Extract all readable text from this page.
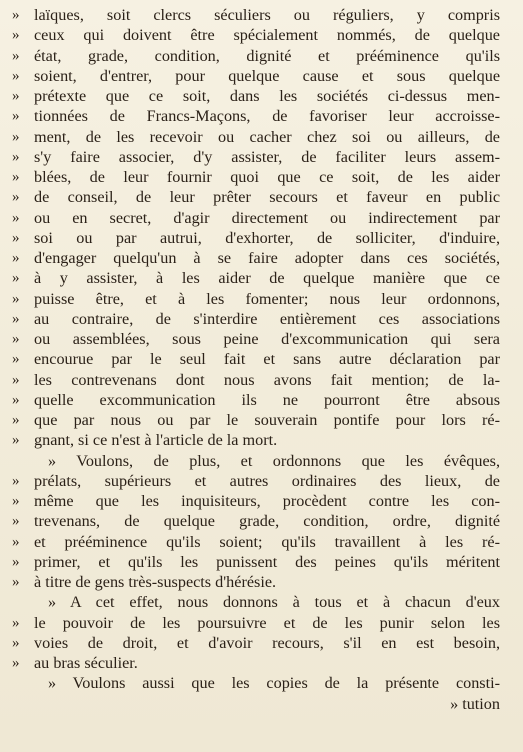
» laïques, soit clercs séculiers ou réguliers, y compris
» ceux qui doivent être spécialement nommés, de quelque
» état, grade, condition, dignité et prééminence qu'ils
» soient, d'entrer, pour quelque cause et sous quelque
» prétexte que ce soit, dans les sociétés ci-dessus men-
» tionnées de Francs-Maçons, de favoriser leur accroisse-
» ment, de les recevoir ou cacher chez soi ou ailleurs, de
» s'y faire associer, d'y assister, de faciliter leurs assem-
» blées, de leur fournir quoi que ce soit, de les aider
» de conseil, de leur prêter secours et faveur en public
» ou en secret, d'agir directement ou indirectement par
» soi ou par autrui, d'exhorter, de solliciter, d'induire,
» d'engager quelqu'un à se faire adopter dans ces sociétés,
» à y assister, à les aider de quelque manière que ce
» puisse être, et à les fomenter; nous leur ordonnons,
» au contraire, de s'interdire entièrement ces associations
» ou assemblées, sous peine d'excommunication qui sera
» encourue par le seul fait et sans autre déclaration par
» les contrevenans dont nous avons fait mention; de la-
» quelle excommunication ils ne pourront être absous
» que par nous ou par le souverain pontife pour lors ré-
» gnant, si ce n'est à l'article de la mort.
» Voulons, de plus, et ordonnons que les évêques,
» prélats, supérieurs et autres ordinaires des lieux, de
» même que les inquisiteurs, procèdent contre les con-
» trevenans, de quelque grade, condition, ordre, dignité
» et prééminence qu'ils soient; qu'ils travaillent à les ré-
» primer, et qu'ils les punissent des peines qu'ils méritent
» à titre de gens très-suspects d'hérésie.
» A cet effet, nous donnons à tous et à chacun d'eux
» le pouvoir de les poursuivre et de les punir selon les
» voies de droit, et d'avoir recours, s'il en est besoin,
» au bras séculier.
» Voulons aussi que les copies de la présente consti-
» tution
